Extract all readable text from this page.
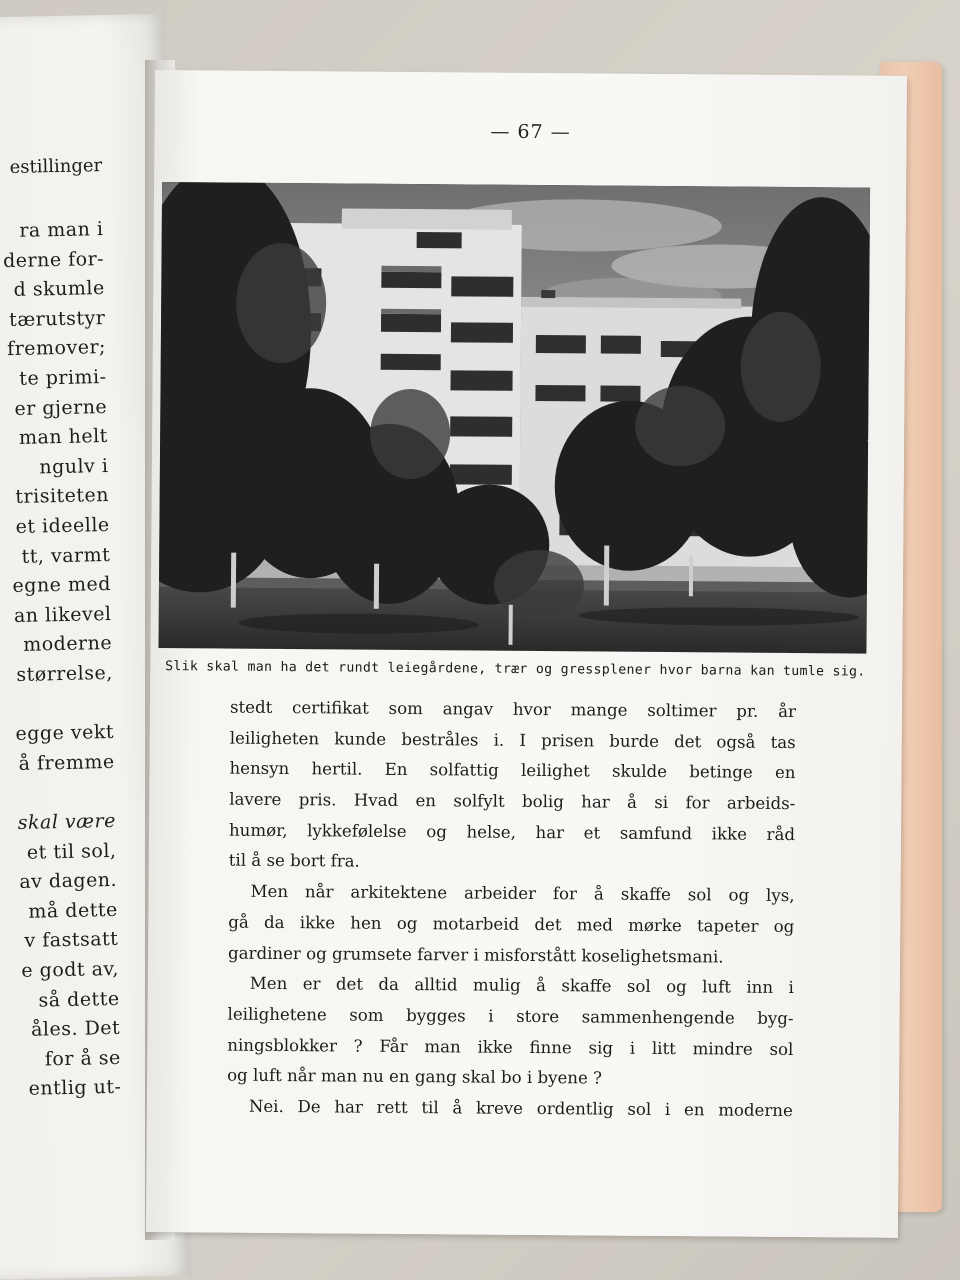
estillinger
ra man i
derne for-
d skumle
tærutstyr
fremover;
te primi-
er gjerne
man helt
ngulv i
trisiteten
et ideelle
tt, varmt
egne med
an likevel
moderne
størrelse,
egge vekt
å fremme
skal være
et til sol,
av dagen.
må dette
v fastsatt
e godt av,
så dette
åles. Det
for å se
entlig ut-
— 67 —
Slik skal man ha det rundt leiegårdene, trær og gressplener hvor barna kan tumle sig.
stedt certifikat som angav hvor mange soltimer pr. år
leiligheten kunde bestråles i. I prisen burde det også tas
hensyn hertil. En solfattig leilighet skulde betinge en
lavere pris. Hvad en solfylt bolig har å si for arbeids-
humør, lykkefølelse og helse, har et samfund ikke råd
til å se bort fra.
Men når arkitektene arbeider for å skaffe sol og lys,
gå da ikke hen og motarbeid det med mørke tapeter og
gardiner og grumsete farver i misforstått koselighetsmani.
Men er det da alltid mulig å skaffe sol og luft inn i
leilighetene som bygges i store sammenhengende byg-
ningsblokker ? Får man ikke finne sig i litt mindre sol
og luft når man nu en gang skal bo i byene ?
Nei. De har rett til å kreve ordentlig sol i en moderne
